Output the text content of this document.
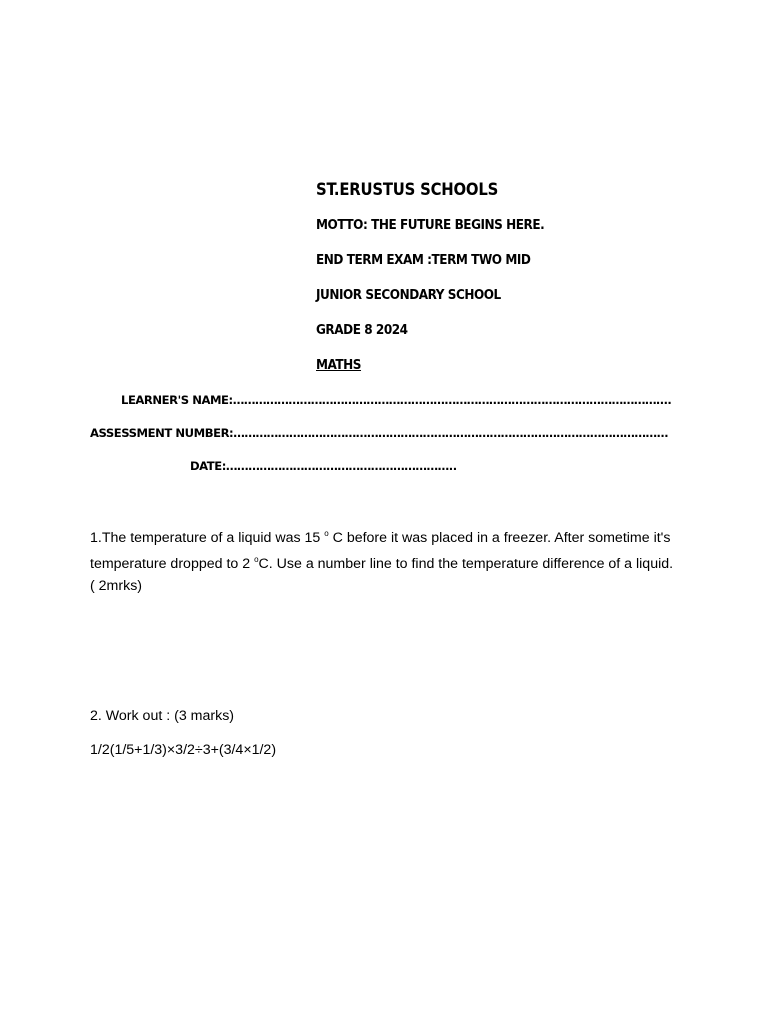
ST.ERUSTUS SCHOOLS
MOTTO: THE FUTURE BEGINS HERE.
END TERM EXAM :TERM TWO MID
JUNIOR SECONDARY SCHOOL
GRADE 8 2024
MATHS
LEARNER'S NAME:……………………………………………………………………………………………………….
ASSESSMENT NUMBER:………………………………………………………………………………………………………
DATE:……………………………………………………..
1.The temperature of a liquid was 15 $^o$ C before it was placed in a freezer. After sometime it's
temperature dropped to 2 $^o$C. Use a number line to find the temperature difference of a liquid.
( 2mrks)
2. Work out : (3 marks)
1/2(1/5+1/3)×3/2÷3+(3/4×1/2)
